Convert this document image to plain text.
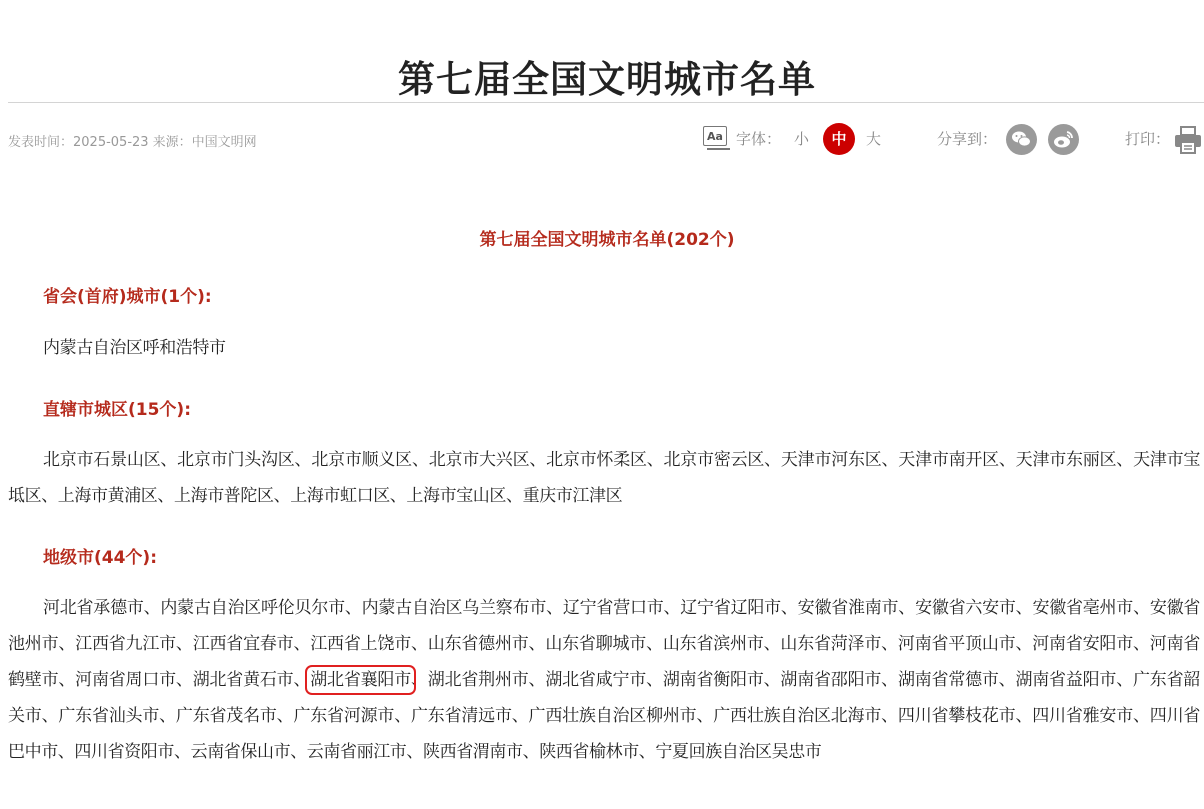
第七届全国文明城市名单
发表时间：2025-05-23 来源：中国文明网	Aa 字体： 小	中	大	分享到：	打印：
第七届全国文明城市名单(202个)
省会(首府)城市(1个):
内蒙古自治区呼和浩特市
直辖市城区(15个):
北京市石景山区、北京市门头沟区、北京市顺义区、北京市大兴区、北京市怀柔区、北京市密云区、天津市河东区、天津市南开区、天津市东丽区、天津市宝坻区、上海市黄浦区、上海市普陀区、上海市虹口区、上海市宝山区、重庆市江津区
地级市(44个):
河北省承德市、内蒙古自治区呼伦贝尔市、内蒙古自治区乌兰察布市、辽宁省营口市、辽宁省辽阳市、安徽省淮南市、安徽省六安市、安徽省亳州市、安徽省池州市、江西省九江市、江西省宜春市、江西省上饶市、山东省德州市、山东省聊城市、山东省滨州市、山东省菏泽市、河南省平顶山市、河南省安阳市、河南省鹤壁市、河南省周口市、湖北省黄石市、湖北省襄阳市、湖北省荆州市、湖北省咸宁市、湖南省衡阳市、湖南省邵阳市、湖南省常德市、湖南省益阳市、广东省韶关市、广东省汕头市、广东省茂名市、广东省河源市、广东省清远市、广西壮族自治区柳州市、广西壮族自治区北海市、四川省攀枝花市、四川省雅安市、四川省巴中市、四川省资阳市、云南省保山市、云南省丽江市、陕西省渭南市、陕西省榆林市、宁夏回族自治区吴忠市
